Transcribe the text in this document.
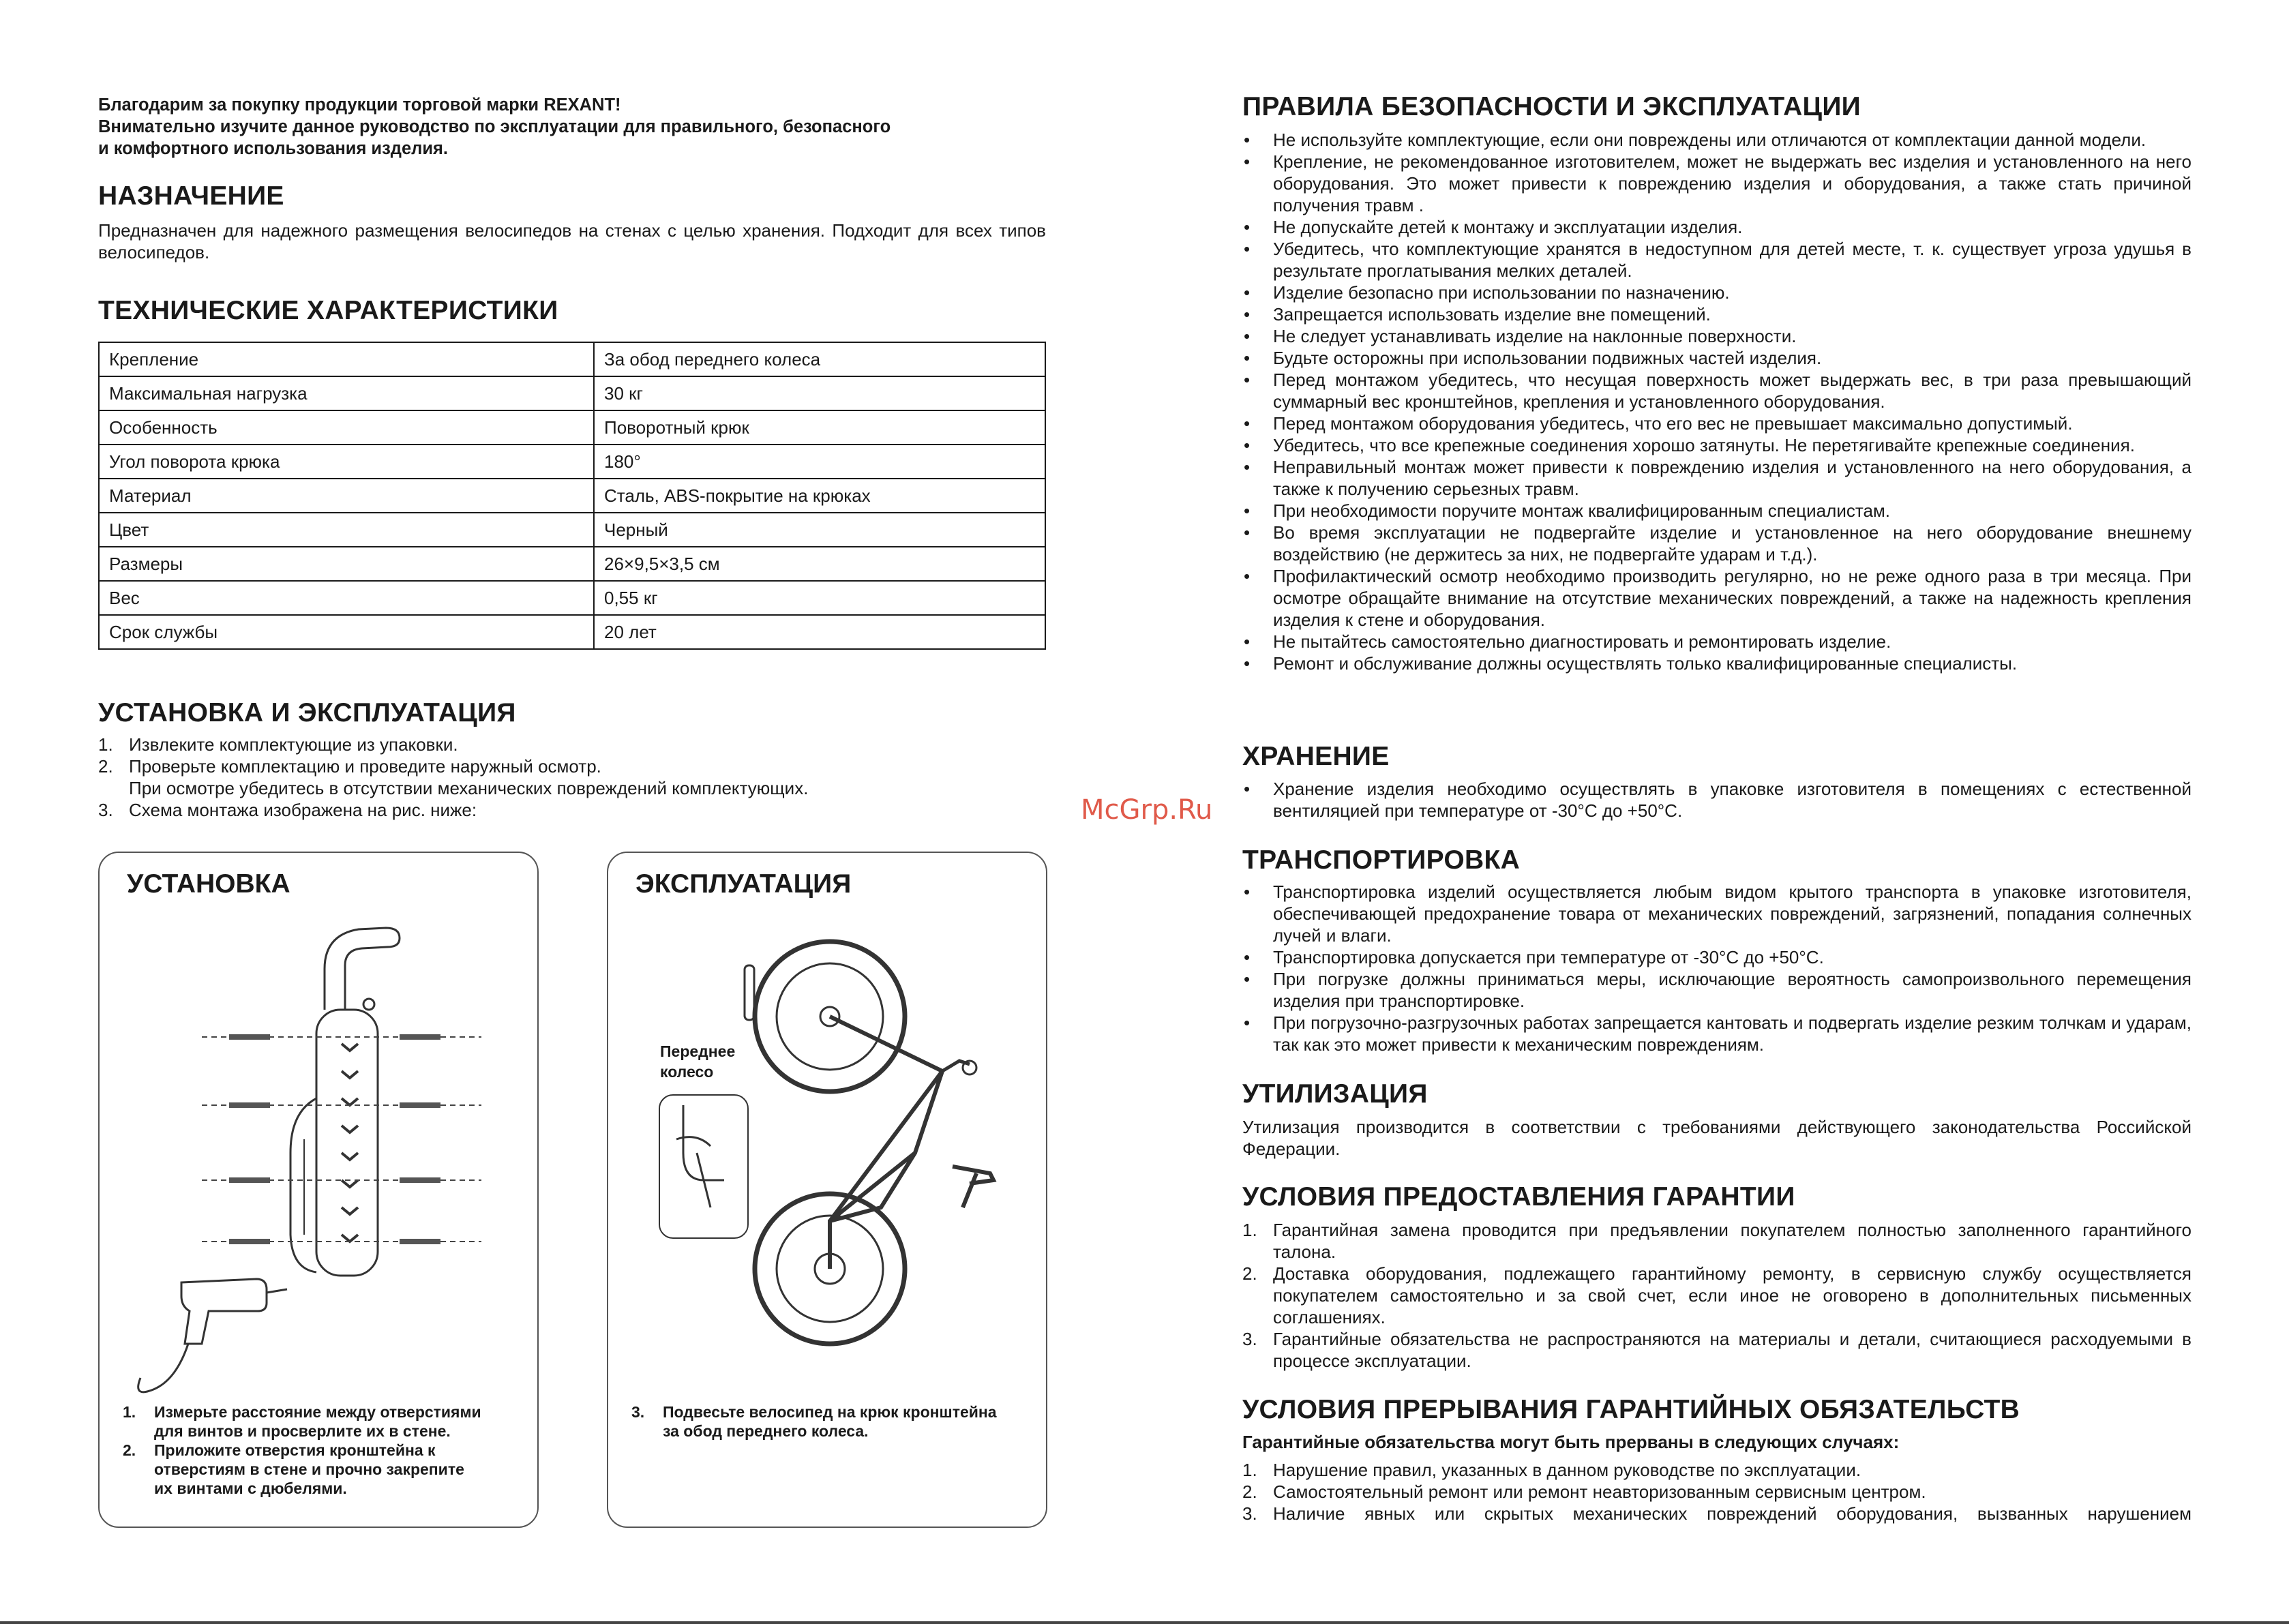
Благодарим за покупку продукции торговой марки REXANT!
Внимательно изучите данное руководство по эксплуатации для правильного, безопасного
и комфортного использования изделия.
НАЗНАЧЕНИЕ
Предназначен для надежного размещения велосипедов на стенах с целью хранения. Подходит для всех типов велосипедов.
ТЕХНИЧЕСКИЕ ХАРАКТЕРИСТИКИ
Крепление	За обод переднего колеса
Максимальная нагрузка	30 кг
Особенность	Поворотный крюк
Угол поворота крюка	180°
Материал	Сталь, ABS-покрытие на крюках
Цвет	Черный
Размеры	26×9,5×3,5 см
Вес	0,55 кг
Срок службы	20 лет
УСТАНОВКА И ЭКСПЛУАТАЦИЯ
1. Извлеките комплектующие из упаковки.
2. Проверьте комплектацию и проведите наружный осмотр.
При осмотре убедитесь в отсутствии механических повреждений комплектующих.
3. Схема монтажа изображена на рис. ниже:
УСТАНОВКА
1. Измерьте расстояние между отверстиями
для винтов и просверлите их в стене.
2. Приложите отверстия кронштейна к
отверстиям в стене и прочно закрепите
их винтами с дюбелями.
ЭКСПЛУАТАЦИЯ
Переднее
колесо
3. Подвесьте велосипед на крюк кронштейна
за обод переднего колеса.
McGrp.Ru
ПРАВИЛА БЕЗОПАСНОСТИ И ЭКСПЛУАТАЦИИ
• Не используйте комплектующие, если они повреждены или отличаются от комплектации данной модели.
• Крепление, не рекомендованное изготовителем, может не выдержать вес изделия и установленного на него оборудования. Это может привести к повреждению изделия и оборудования, а также стать причиной получения травм .
• Не допускайте детей к монтажу и эксплуатации изделия.
• Убедитесь, что комплектующие хранятся в недоступном для детей месте, т. к. существует угроза удушья в результате проглатывания мелких деталей.
• Изделие безопасно при использовании по назначению.
• Запрещается использовать изделие вне помещений.
• Не следует устанавливать изделие на наклонные поверхности.
• Будьте осторожны при использовании подвижных частей изделия.
• Перед монтажом убедитесь, что несущая поверхность может выдержать вес, в три раза превышающий суммарный вес кронштейнов, крепления и установленного оборудования.
• Перед монтажом оборудования убедитесь, что его вес не превышает максимально допустимый.
• Убедитесь, что все крепежные соединения хорошо затянуты. Не перетягивайте крепежные соединения.
• Неправильный монтаж может привести к повреждению изделия и установленного на него оборудования, а также к получению серьезных травм.
• При необходимости поручите монтаж квалифицированным специалистам.
• Во время эксплуатации не подвергайте изделие и установленное на него оборудование внешнему воздействию (не держитесь за них, не подвергайте ударам и т.д.).
• Профилактический осмотр необходимо производить регулярно, но не реже одного раза в три месяца. При осмотре обращайте внимание на отсутствие механических повреждений, а также на надежность крепления изделия к стене и оборудования.
• Не пытайтесь самостоятельно диагностировать и ремонтировать изделие.
• Ремонт и обслуживание должны осуществлять только квалифицированные специалисты.
ХРАНЕНИЕ
• Хранение изделия необходимо осуществлять в упаковке изготовителя в помещениях с естественной вентиляцией при температуре от -30°С до +50°С.
ТРАНСПОРТИРОВКА
• Транспортировка изделий осуществляется любым видом крытого транспорта в упаковке изготовителя, обеспечивающей предохранение товара от механических повреждений, загрязнений, попадания солнечных лучей и влаги.
• Транспортировка допускается при температуре от -30°С до +50°С.
• При погрузке должны приниматься меры, исключающие вероятность самопроизвольного перемещения изделия при транспортировке.
• При погрузочно-разгрузочных работах запрещается кантовать и подвергать изделие резким толчкам и ударам, так как это может привести к механическим повреждениям.
УТИЛИЗАЦИЯ
Утилизация производится в соответствии с требованиями действующего законодательства Российской Федерации.
УСЛОВИЯ ПРЕДОСТАВЛЕНИЯ ГАРАНТИИ
1. Гарантийная замена проводится при предъявлении покупателем полностью заполненного гарантийного талона.
2. Доставка оборудования, подлежащего гарантийному ремонту, в сервисную службу осуществляется покупателем самостоятельно и за свой счет, если иное не оговорено в дополнительных письменных соглашениях.
3. Гарантийные обязательства не распространяются на материалы и детали, считающиеся расходуемыми в процессе эксплуатации.
УСЛОВИЯ ПРЕРЫВАНИЯ ГАРАНТИЙНЫХ ОБЯЗАТЕЛЬСТВ
Гарантийные обязательства могут быть прерваны в следующих случаях:
1. Нарушение правил, указанных в данном руководстве по эксплуатации.
2. Самостоятельный ремонт или ремонт неавторизованным сервисным центром.
3. Наличие явных или скрытых механических повреждений оборудования, вызванных нарушением
